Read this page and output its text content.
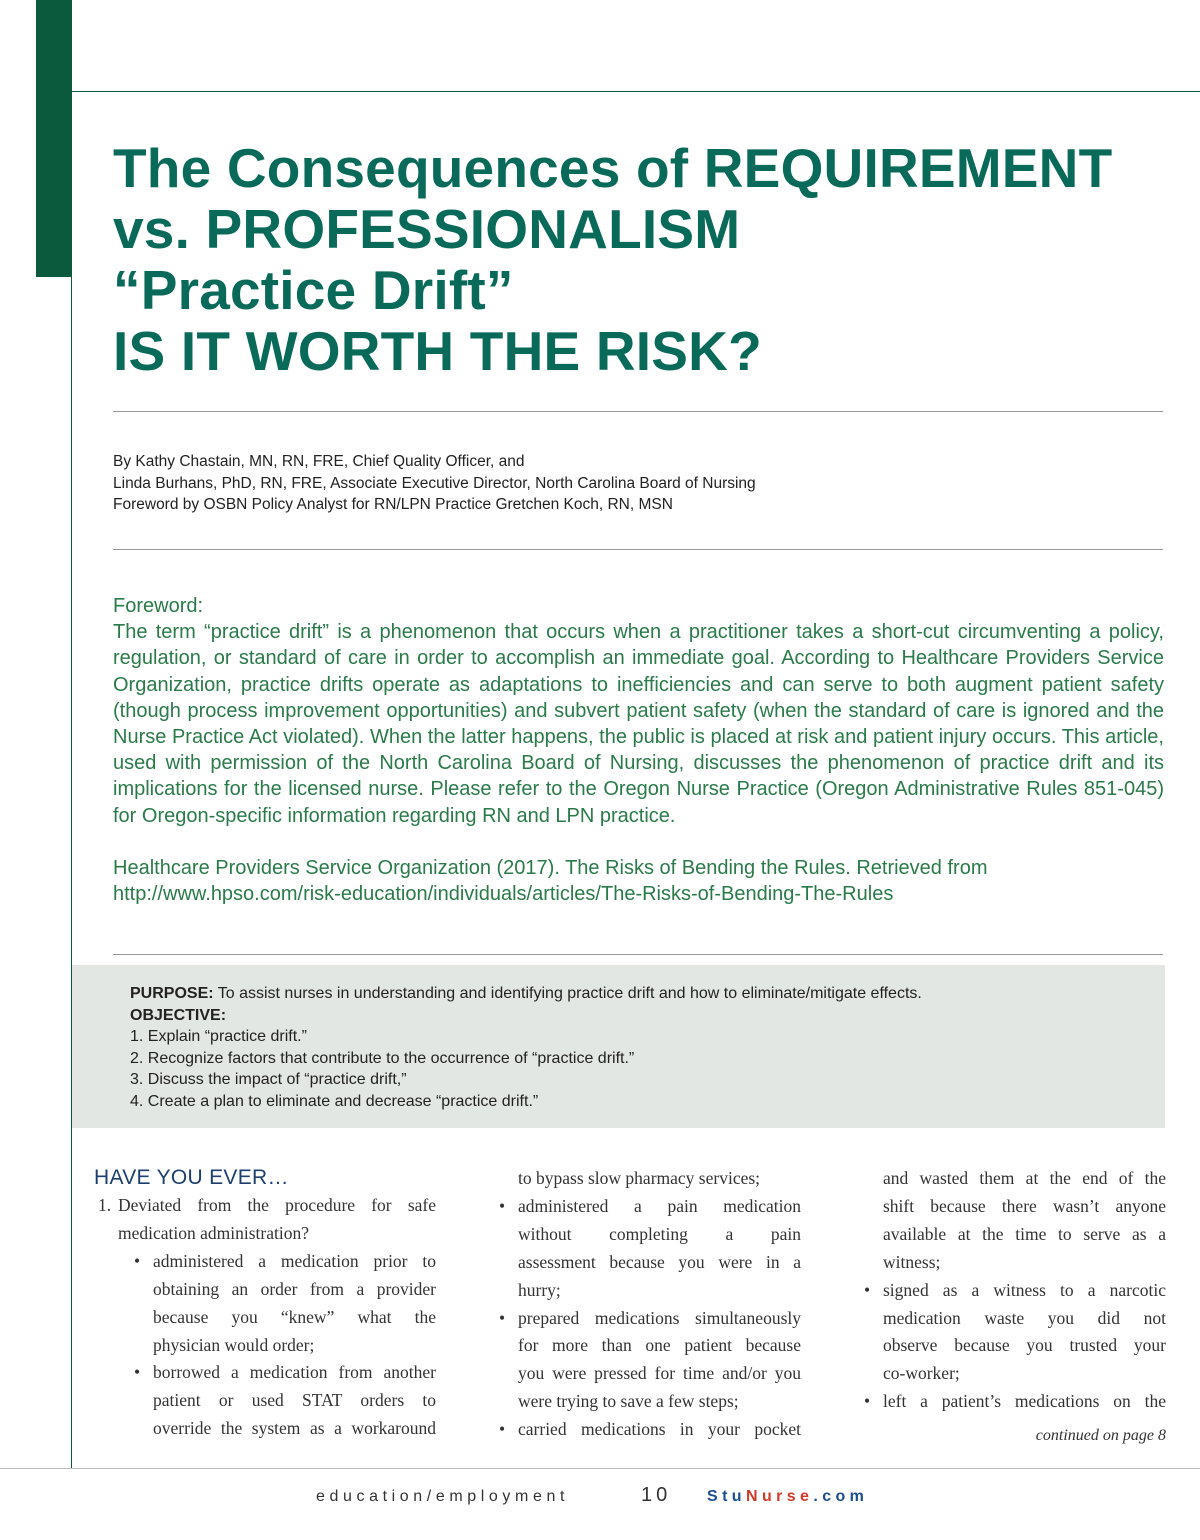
The Consequences of REQUIREMENT
vs. PROFESSIONALISM
“Practice Drift”
IS IT WORTH THE RISK?
By Kathy Chastain, MN, RN, FRE, Chief Quality Officer, and
Linda Burhans, PhD, RN, FRE, Associate Executive Director, North Carolina Board of Nursing
Foreword by OSBN Policy Analyst for RN/LPN Practice Gretchen Koch, RN, MSN

Foreword:

The term “practice drift” is a phenomenon that occurs when a practitioner takes a short-cut circumventing a policy, regulation, or standard of care in order to accomplish an immediate goal. According to Healthcare Providers Service Organization, practice drifts operate as adaptations to inefficiencies and can serve to both augment patient safety (though process improvement opportunities) and subvert patient safety (when the standard of care is ignored and the Nurse Practice Act violated). When the latter happens, the public is placed at risk and patient injury occurs. This article, used with permission of the North Carolina Board of Nursing, discusses the phenomenon of practice drift and its implications for the licensed nurse. Please refer to the Oregon Nurse Practice (Oregon Administrative Rules 851-045) for Oregon-specific information regarding RN and LPN practice.

Healthcare Providers Service Organization (2017). The Risks of Bending the Rules. Retrieved from

http://www.hpso.com/risk-education/individuals/articles/The-Risks-of-Bending-The-Rules

PURPOSE: To assist nurses in understanding and identifying practice drift and how to eliminate/mitigate effects.
OBJECTIVE:
1. Explain “practice drift.”
2. Recognize factors that contribute to the occurrence of “practice drift.”
3. Discuss the impact of “practice drift,”
4. Create a plan to eliminate and decrease “practice drift.”
HAVE YOU EVER…
1. Deviated from the procedure for safe
medication administration?
• administered a medication prior to
obtaining an order from a provider
because you “knew” what the
physician would order;
• borrowed a medication from another
patient or used STAT orders to
override the system as a workaround
to bypass slow pharmacy services;
• administered a pain medication
without completing a pain
assessment because you were in a
hurry;
• prepared medications simultaneously
for more than one patient because
you were pressed for time and/or you
were trying to save a few steps;
• carried medications in your pocket
and wasted them at the end of the
shift because there wasn’t anyone
available at the time to serve as a
witness;
• signed as a witness to a narcotic
medication waste you did not
observe because you trusted your
co-worker;
• left a patient’s medications on the
continued on page 8
education/employment	10 StuNurse.com
